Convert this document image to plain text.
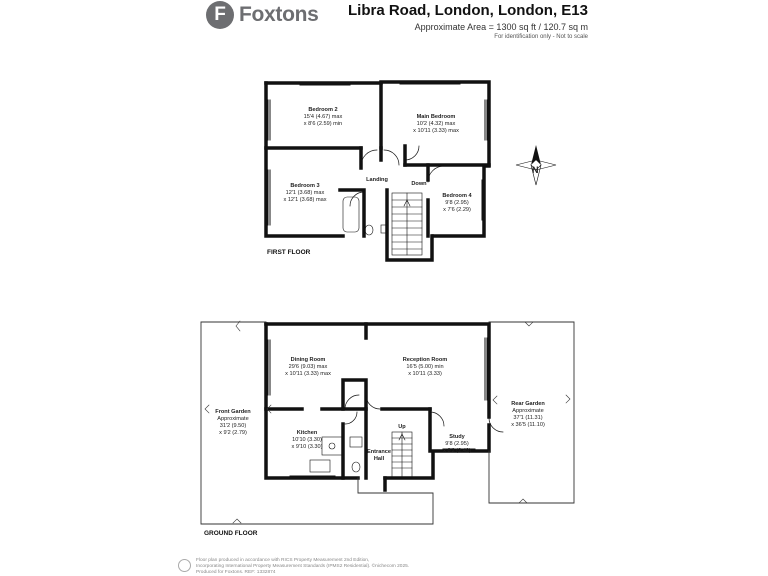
F Foxtons Libra Road, London, London, E13
Approximate Area = 1300 sq ft / 120.7 sq m
For identification only - Not to scale
N
Bedroom 2
15'4 (4.67) max
x 8'6 (2.59) min
Main Bedroom
10'2 (4.32) max
x 10'11 (3.33) max
Bedroom 3
12'1 (3.68) max
x 12'1 (3.68) max
Landing
Down
Bedroom 4
9'8 (2.95)
x 7'6 (2.29)
FIRST FLOOR
Dining Room
29'6 (9.03) max
x 10'11 (3.33) max
Reception Room
16'5 (5.00) min
x 10'11 (3.33)
Front Garden
Approximate
31'2 (9.50)
x 9'2 (2.79)	Kitchen
10'10 (3.30)
x 9'10 (3.30)
Up
Entrance
Hall
Study
9'8 (2.95)
x 8'2 (2.49)
Rear Garden
Approximate
37'1 (11.31)
x 36'5 (11.10)
GROUND FLOOR
Floor plan produced in accordance with RICS Property Measurement 2nd Edition,
Incorporating International Property Measurement Standards (IPMS2 Residential). ©nichecom 2025.
Produced for Foxtons. REF: 1332874
